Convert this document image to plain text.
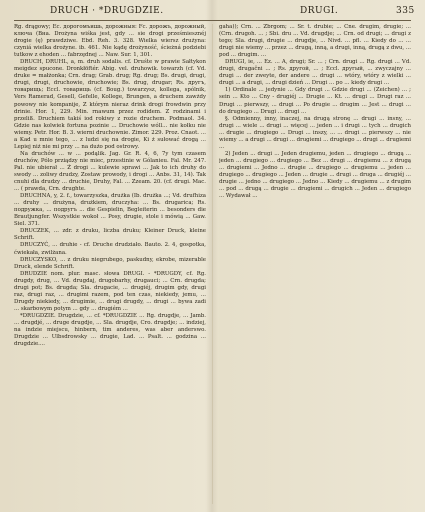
DRUCH · *DRUGDZIE.	DRUGI.	335

Ŕg. drągowy; Ec. дорогомъишь, дорожныя: Fc. дорожъ, дорожный, ключа (Вна. Drożyna wiśka jest, gdy ... sie drogi prześmiesznéj drogie (ę) prawdziwe. Ebd. Reh. 3. 328. Wielka wiersz drużyna: czyniá wielka drożyne. ib. 461. Nie kądę drożyność, ścieżná podziebi tutkow z ehoden ... fabrzędnej ... Naw. Sur. 1, 301.

DRUCH, DRUHL, a, m. druh sodalis. cf. Druśte w prawie Sałtykon meigdez spucone. Dronkłöftér. Abig. vel. druhowik. towarzh (cf. Vd. druke = małżonka; Crn. drag; Grab. drug; Rg. drug; Bs. drugi, drugi, drugi, drugi, druchowie, druchowie; Bs. drug, drugar; Rs. другъ, товарищь; Eccl. товарищь (cf. Boug.) towarzysz, kollega, spólnik, Vers Ramerad, Gesell, Gefelle, Kollege, Brungen, a druchem zawżdy powowy nie kompanije, Z którym nieraz drink drogi frowdwin przy drinie. Hor. 1, 229. Min. rnawum przez rodidem. Z rodzinami i przeliß. Druchiem takiś iod rokiwy z rozie druchem. Podmaol. 34. Gdzie nas kolwiek fortuna pozinie ... Druchowie wóll... nie kołku nie wiemy. Petr. Hor. B. 3. wierni druchownie. Zimor. 229. Proz. Cnaot. ... a Kad u mnie tego, ... z ludzi się na drogie, Ki ż sułować drogą ... Lepiej niż nie mi przy ... na dużo pod ostrowy.

Na druchów ... w ... podąlik. Jag. Gr. R. 4, 6, 7y tym czasem druchów, Pólo prziądzy nie miec, przestinie w Gólanieu. Fal. Mr. 247. Pal. nie ubierał ... Ż drogi ... kulewie sprawi ... Jak to ich druhy do swody ... zoliwy drudzy, Zostaw prowody, i drogi ... Anbs. 31, 14). Tak cnuhi dla drudzy ... druchie, Druhy, Fal. ... Zzeam. 20. (cf. drugi. Mac. ... ( prawda, Crn. drughte.

DRUCHNA, y, 2. f., towarzyszka, drużka (Ib. drużka ...; Vd. drufhiza ... druhy ... drużyna, drużkiem, druczyha: ... Bs. drugarica; Rs. подружка, ... подругъ ... die Gespielin, Begleiterin ... besonders die Brautjungfer. Wszystkie wokoł ... Posy, drugie, stole i mówią ... Gaw. Siel. 371.

DRUCZEK, ... zdr. z druku, liczba druku; Kleiner Druck, kleine Schrift.

DRUCZYĆ, ... druhie - cf. Druche drudziało. Bauto. 2. 4, gospotka, ćwiekała, zwilżana.

DRUCZYSKO, ... z druku niegrubego, paskudny, ekrobe, mizerable Druck, elende Schrift.

DRUDZIE nom. plur. masc. słowa DRUGI. - *DRUGDY, cf. Rg. drugdy, drug, ... Vd. drugdaj, drugobarhy, drugauci; ... Crn. drugda; drugi pot; Bs. drugda; Sla. drugacie, ... drugiéj, drugim gdy, drugi raz, drugi raz, ... drugimi razem, pod ten czas, niekiedy, jemu, ... Drugdy niekiedy, ... drugimie, ... drugi drugdy, ... drugi ... bywa zadi ... skarbowym potym ... gdy ... drugiém ...

*DRUGDZIE. Drugdzie, ... cf. *DRUGDZIE ... Rg. drugdje, ... Jamb. ... drugdjé, ... druge drugdje, ... Sla. drugdje, Cro. drugdje; ... indziej, na indzie miejscu, hinbern, tim anderes, was aber anderswo. Drugdzie ... Ulbsdrowsky ... drugie, Lad. ... Psalt. ... godzina ... drugdzie....

gaha)); Crn. ... Zbrgom; ... Sr. t. drubie; ... Cne. drugim, drugie; ... (Crn. drugoh. ... ; Sbi. dru ... Vd. drugdje; ... Crn. od drugi; ... drugi z tego; Sla. drugi, drugie ... drugdje, ... Nivd. ... pfl. ... Kiedy do ... ... drugi nie wiemy ... przez ... drugą, inną, a drugi, inną, drugą z dwu, ... pod ... drugim. ...

DRUGI, ie, ... Ez. ... A, drugi; Sr. ... ; Crn. drugi ... Rg. drugi ... Vd. drugi, drugačni ... ; Rs. другой, ... ; Eccl. другый, ... zwyczajny ... drugi ... der zweyte, der andere ... drugi ... wtóry, wtóry z wielki ... drugi ... a drugi, ... drugi dzień ... Drugi ... po ... kiedy drugi ...

1) Ordinale ... jedynie ... Gdy drugi ... Gdzie drugi ... (Zeichen) ... ; sein ... Kto ... Cny - drugiéj ... Drugie ... Kt. ... drugi ... Drugi raz ... Drugi ... pierwszy, ... drugi ... Po drugie ... drugim ... Jest ... drugi ... do drugiego ... Drugi ... drugi ...

§. Odmienny, inny, inaczej, na drugą stronę ... drugi ... insny, ... drugi ... wiele ... drugi ... więcej ... jeden ... i drugi ... tych ... drugich ... drugie ... drugiego ... Drugi ... inszy, ... ... drugi ... pierwszy ... nie wiemy ... a drugi ... drugi ... drugiemi ... drugiego ... drugi ... drugiemi ...

2) Jeden ... drugi ... Jeden drugiemu, jeden ... drugiego ... drugą ... jeden ... drugiego ... drugiego ... Bez ... drugi ... drugiemu ... z drugą ... drugiemi ... Jedno ... drugie ... drugiego ... drugiemu ... jeden ... drugiego ... drugiego ... Jeden ... drugie ... drugi ... druga ... drugiéj ... drugie ... jedno ... drugiego ... Jedno ... Kiedy ... drugiemu ... z drugim ... pod ... drugą ... drugie ... drugiemi ... drugich ... Jeden ... drugiego ... Wydawał ...
